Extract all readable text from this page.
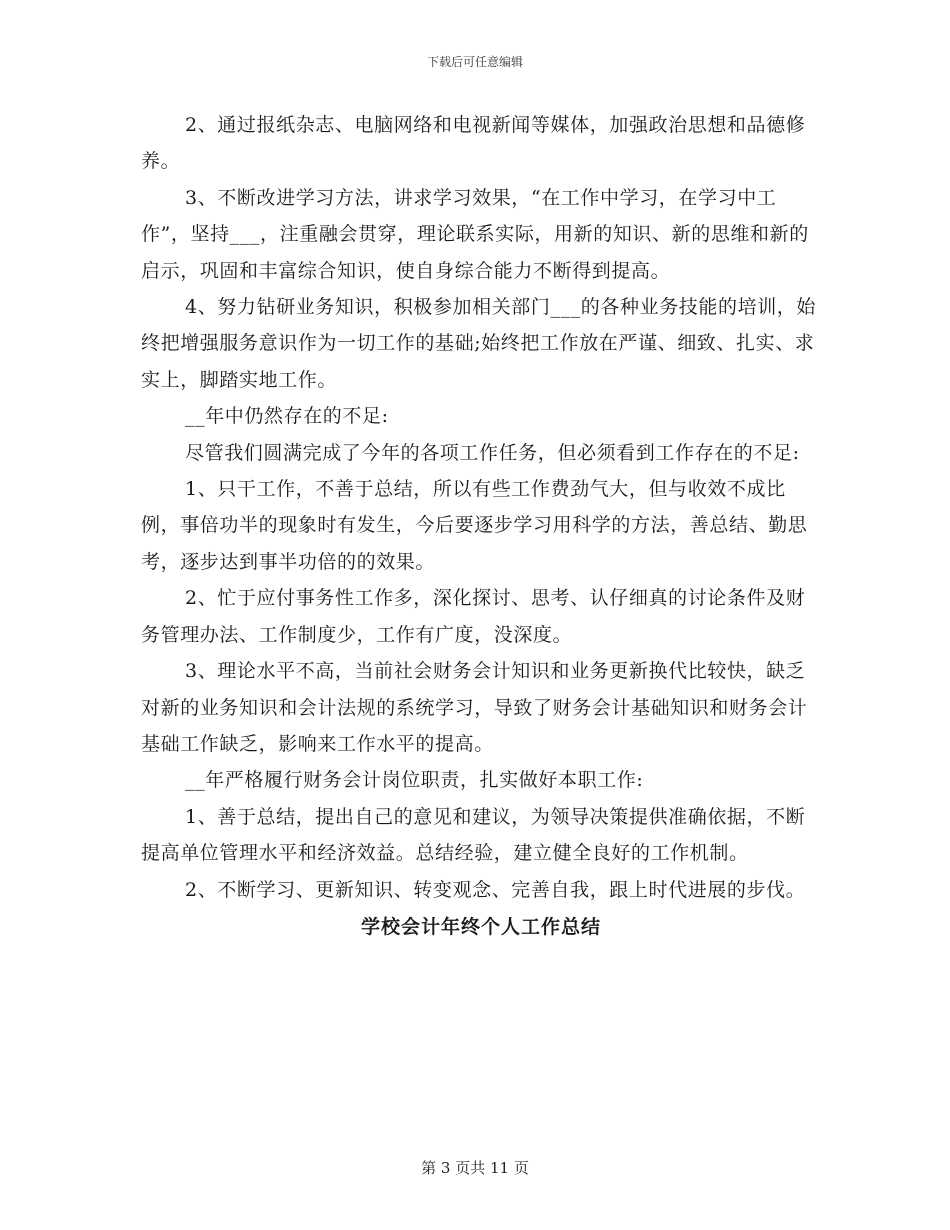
下载后可任意编辑

2、通过报纸杂志、电脑网络和电视新闻等媒体，加强政治思想和品德修养。

3、不断改进学习方法，讲求学习效果，“在工作中学习，在学习中工作”，坚持___，注重融会贯穿，理论联系实际，用新的知识、新的思维和新的启示，巩固和丰富综合知识，使自身综合能力不断得到提高。

4、努力钻研业务知识，积极参加相关部门___的各种业务技能的培训，始终把增强服务意识作为一切工作的基础;始终把工作放在严谨、细致、扎实、求实上，脚踏实地工作。

__年中仍然存在的不足:

尽管我们圆满完成了今年的各项工作任务，但必须看到工作存在的不足:

1、只干工作，不善于总结，所以有些工作费劲气大，但与收效不成比例，事倍功半的现象时有发生，今后要逐步学习用科学的方法，善总结、勤思考，逐步达到事半功倍的的效果。

2、忙于应付事务性工作多，深化探讨、思考、认仔细真的讨论条件及财务管理办法、工作制度少，工作有广度，没深度。

3、理论水平不高，当前社会财务会计知识和业务更新换代比较快，缺乏对新的业务知识和会计法规的系统学习，导致了财务会计基础知识和财务会计基础工作缺乏，影响来工作水平的提高。

__年严格履行财务会计岗位职责，扎实做好本职工作:

1、善于总结，提出自己的意见和建议，为领导决策提供准确依据，不断提高单位管理水平和经济效益。总结经验，建立健全良好的工作机制。

2、不断学习、更新知识、转变观念、完善自我，跟上时代进展的步伐。

学校会计年终个人工作总结
第 3 页共 11 页
